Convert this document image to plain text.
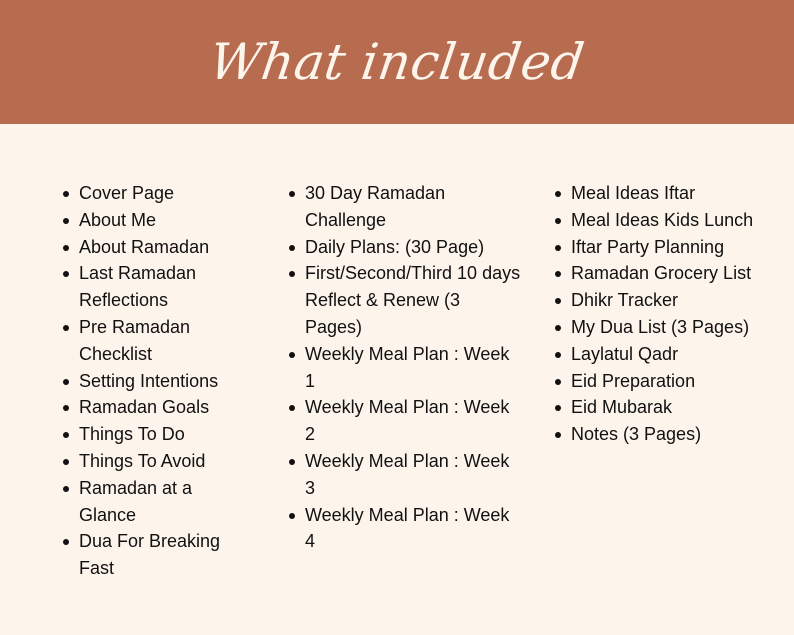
What included
Cover Page
About Me
About Ramadan
Last Ramadan Reflections
Pre Ramadan Checklist
Setting Intentions
Ramadan Goals
Things To Do
Things To Avoid
Ramadan at a Glance
Dua For Breaking Fast
30 Day Ramadan Challenge
Daily Plans: (30 Page)
First/Second/Third 10 days Reflect & Renew (3 Pages)
Weekly Meal Plan : Week 1
Weekly Meal Plan : Week 2
Weekly Meal Plan : Week 3
Weekly Meal Plan : Week 4
Meal Ideas Iftar
Meal Ideas Kids Lunch
Iftar Party Planning
Ramadan Grocery List
Dhikr Tracker
My Dua List (3 Pages)
Laylatul Qadr
Eid Preparation
Eid Mubarak
Notes (3 Pages)
